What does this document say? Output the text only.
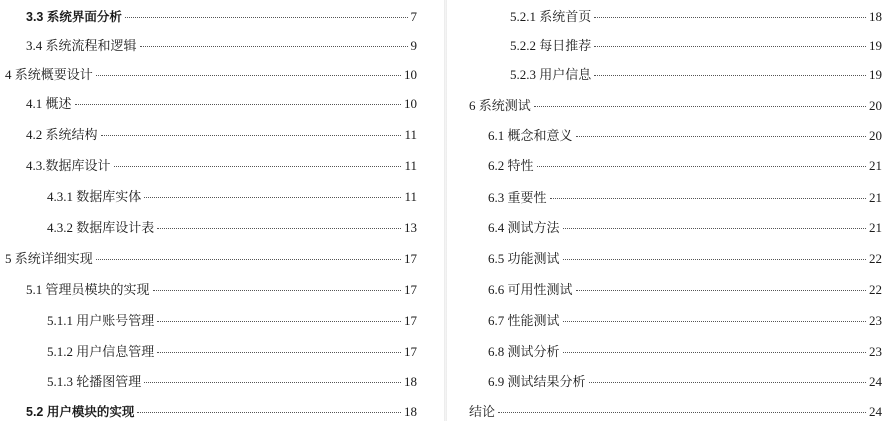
3.3 系统界面分析	7
3.4 系统流程和逻辑	9
4 系统概要设计	10
4.1 概述	10
4.2 系统结构	11
4.3.数据库设计	11
4.3.1 数据库实体	11
4.3.2 数据库设计表	13
5 系统详细实现	17
5.1 管理员模块的实现	17
5.1.1 用户账号管理	17
5.1.2 用户信息管理	17
5.1.3 轮播图管理	18
5.2 用户模块的实现	18
5.2.1 系统首页	18
5.2.2 每日推荐	19
5.2.3 用户信息	19
6 系统测试	20
6.1 概念和意义	20
6.2 特性	21
6.3 重要性	21
6.4 测试方法	21
6.5 功能测试	22
6.6 可用性测试	22
6.7 性能测试	23
6.8 测试分析	23
6.9 测试结果分析	24
结论	24
